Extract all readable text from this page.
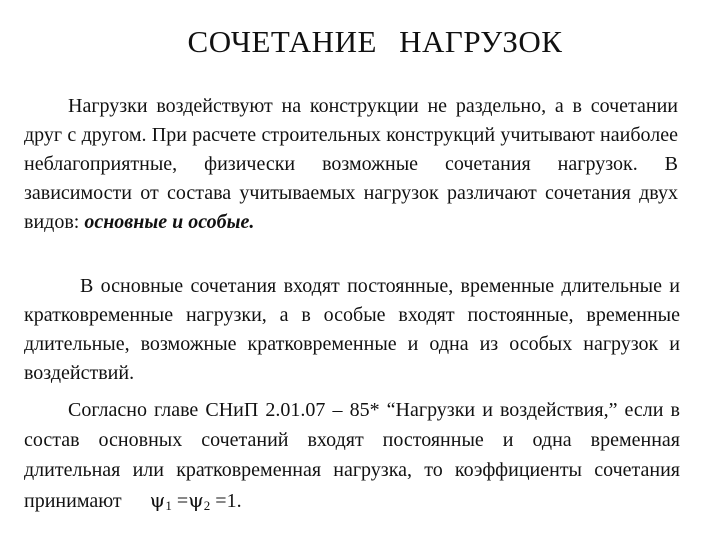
СОЧЕТАНИЕ НАГРУЗОК
Нагрузки воздействуют на конструкции не раздельно, а в сочетании друг с другом. При расчете строительных конструкций учитывают наиболее неблагоприятные, физически возможные сочетания нагрузок. В зависимости от состава учитываемых нагрузок различают сочетания двух видов: основные и особые.
В основные сочетания входят постоянные, временные длительные и кратковременные нагрузки, а в особые входят постоянные, временные длительные, возможные кратковременные и одна из особых нагрузок и воздействий.
Согласно главе СНиП 2.01.07 – 85* “Нагрузки и воздействия,” если в состав основных сочетаний входят постоянные и одна временная длительная или кратковременная нагрузка, то коэффициенты сочетания принимают $\psi_1 =\psi_2 =1$.
